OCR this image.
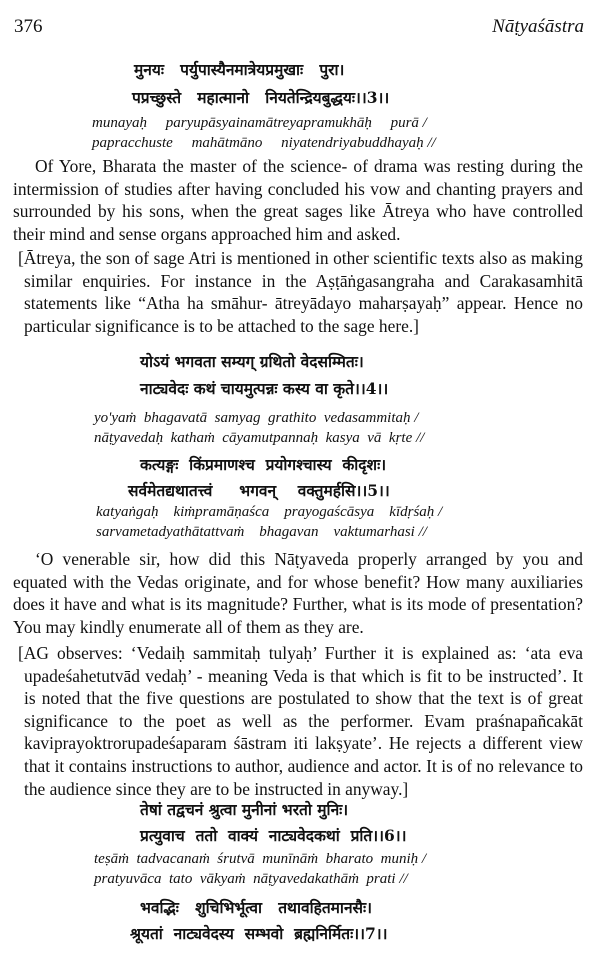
376	Nāṭyaśāstra
मुनयः   पर्युपास्यैनमात्रेयप्रमुखाः   पुरा।
पप्रच्छुस्ते   महात्मानो   नियतेन्द्रियबुद्धयः।।3।।
munayaḥ     paryupāsyainamātreyapramukhāḥ     purā /
papracchuste     mahātmāno     niyatendriyabuddhayaḥ //
Of Yore, Bharata the master of the science- of drama was resting during the intermission of studies after having concluded his vow and chanting prayers and surrounded by his sons, when the great sages like Ātreya who have controlled their mind and sense organs approached him and asked.
[Ātreya, the son of sage Atri is mentioned in other scientific texts also as making similar enquiries. For instance in the Aṣṭāṅgasangraha and Carakasamhitā statements like “Atha ha smāhur- ātreyādayo maharṣayaḥ” appear. Hence no particular significance is to be attached to the sage here.]
योऽयं भगवता सम्यग् ग्रथितो वेदसम्मितः।
नाट्यवेदः कथं चायमुत्पन्नः कस्य वा कृते।।4।।
yo'yaṁ  bhagavatā  samyag  grathito  vedasammitaḥ /
nāṭyavedaḥ  kathaṁ  cāyamutpannaḥ  kasya  vā  kṛte //
कत्यङ्गः  किंप्रमाणश्च  प्रयोगश्चास्य  कीदृशः।
सर्वमेतद्यथातत्त्वं     भगवन्    वक्तुमर्हसि।।5।।
katyaṅgaḥ    kiṁpramāṇaśca    prayogaścāsya    kīdṛśaḥ /
sarvametadyathātattvaṁ    bhagavan    vaktumarhasi //
‘O venerable sir, how did this Nāṭyaveda properly arranged by you and equated with the Vedas originate, and for whose benefit? How many auxiliaries does it have and what is its magnitude? Further, what is its mode of presentation? You may kindly enumerate all of them as they are.
[AG observes: ‘Vedaiḥ sammitaḥ tulyaḥ’ Further it is explained as: ‘ata eva upadeśahetutvād vedaḥ’ - meaning Veda is that which is fit to be instructed’. It is noted that the five questions are postulated to show that the text is of great significance to the poet as well as the performer. Evam praśnapañcakāt kaviprayoktrorupadeśaparam śāstram iti lakṣyate’. He rejects a different view that it contains instructions to author, audience and actor. It is of no relevance to the audience since they are to be instructed in anyway.]
तेषां तद्वचनं श्रुत्वा मुनीनां भरतो मुनिः।
प्रत्युवाच  ततो  वाक्यं  नाट्यवेदकथां  प्रति।।6।।
teṣāṁ  tadvacanaṁ  śrutvā  munīnāṁ  bharato  muniḥ /
pratyuvāca  tato  vākyaṁ  nāṭyavedakathāṁ  prati //
भवद्भिः   शुचिभिर्भूत्वा   तथावहितमानसैः।
श्रूयतां  नाट्यवेदस्य  सम्भवो  ब्रह्मनिर्मितः।।7।।
